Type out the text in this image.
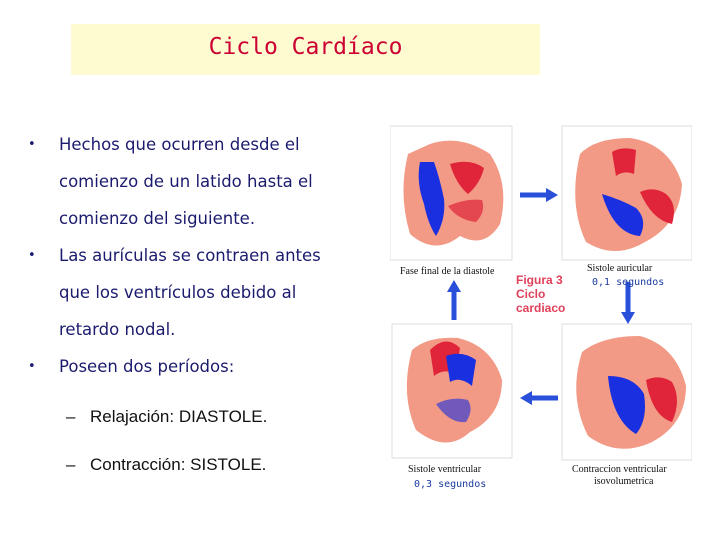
Ciclo Cardíaco
• Hechos que ocurren desde el
comienzo de un latido hasta el
comienzo del siguiente.
• Las aurículas se contraen antes
que los ventrículos debido al
retardo nodal.
• Poseen dos períodos:
– Relajación: DIASTOLE.
– Contracción: SISTOLE.
Fase final de la diastole	Sistole auricular
0,1 segundos
Figura 3
Ciclo
cardiaco
Sistole ventricular
0,3 segundos
Contraccion ventricular
isovolumetrica
